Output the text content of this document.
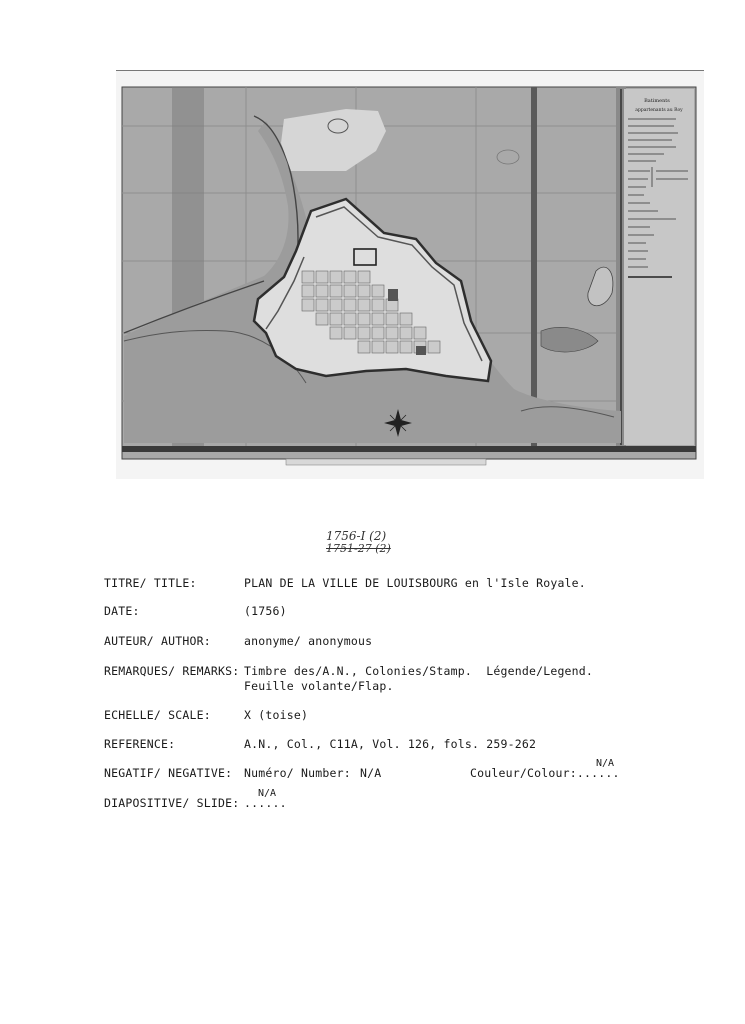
Batiments
appartenants au Roy
1756-I (2)
1751-27 (2)
TITRE/ TITLE:	PLAN DE LA VILLE DE LOUISBOURG en l'Isle Royale.
DATE:	(1756)
AUTEUR/ AUTHOR:	anonyme/ anonymous
REMARQUES/ REMARKS: Timbre des/A.N., Colonies/Stamp.  Légende/Legend.
Feuille volante/Flap.
ECHELLE/ SCALE:	X (toise)
REFERENCE:	A.N., Col., C11A, Vol. 126, fols. 259-262
NEGATIF/ NEGATIVE: Numéro/ Number: N/A	Couleur/Colour:......
N/A
DIAPOSITIVE/ SLIDE: ......
N/A
